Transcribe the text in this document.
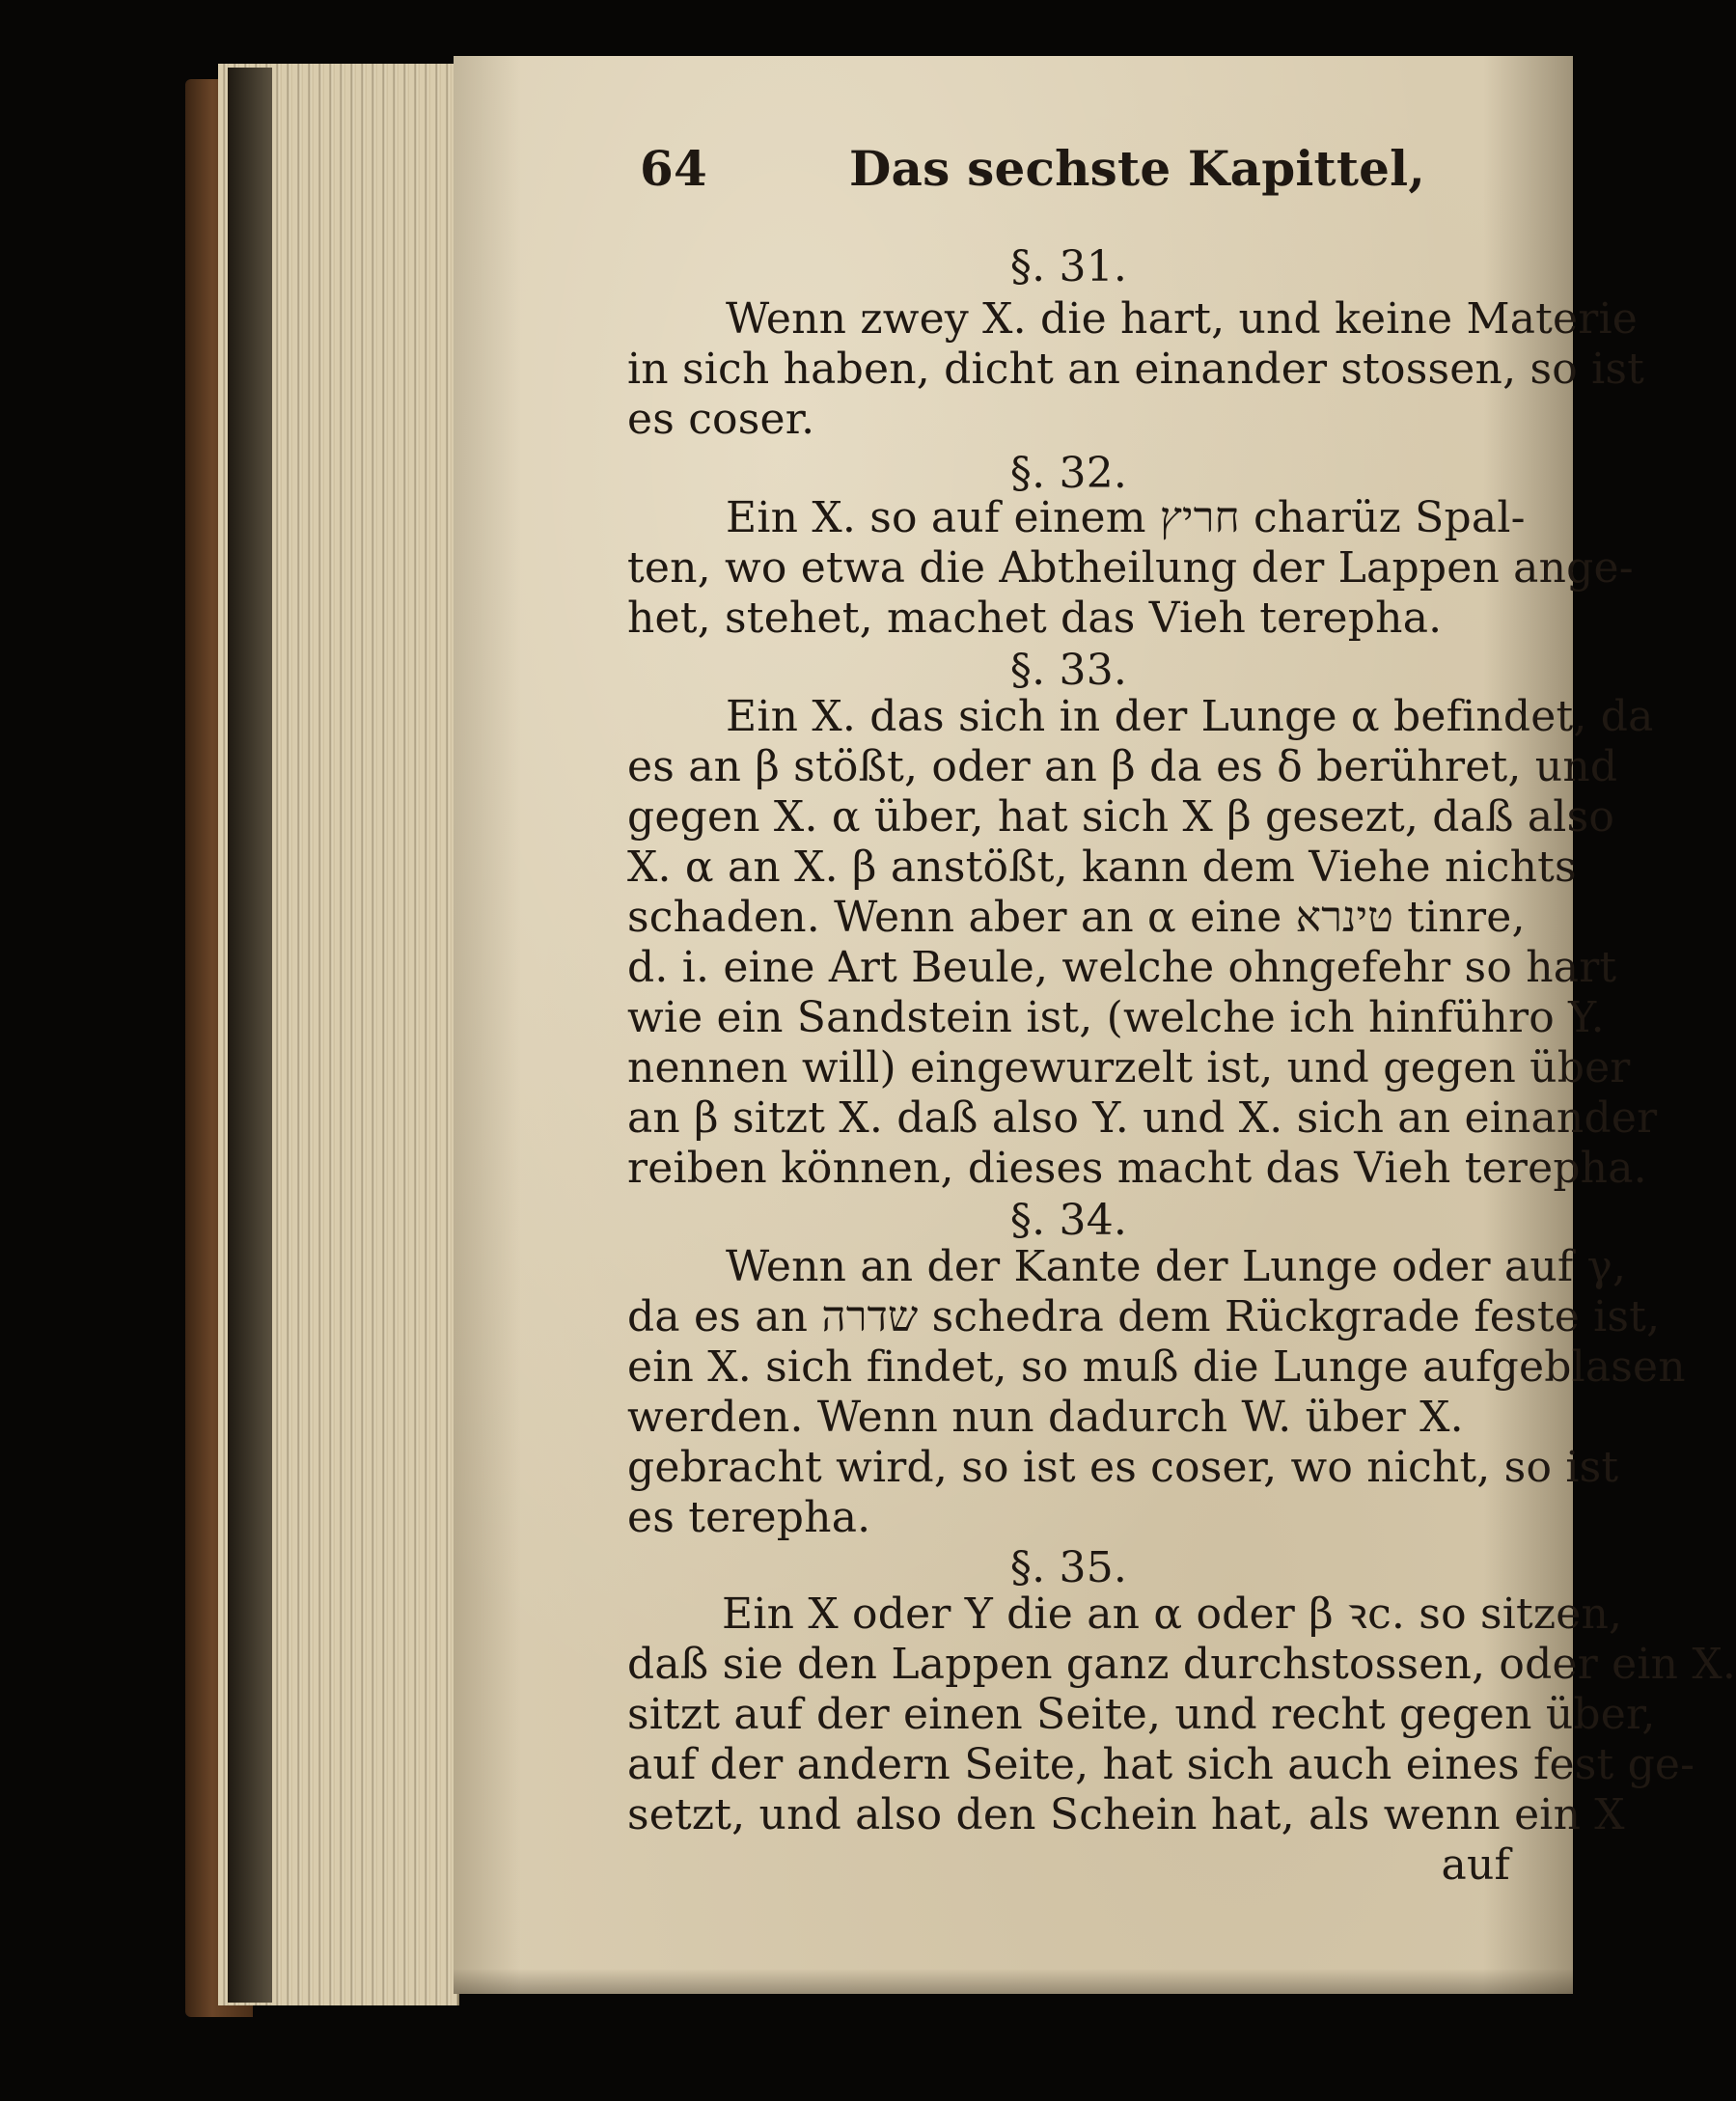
64	Das sechste Kapittel,
§. 31.
Wenn zwey X. die hart, und keine Materie
in sich haben, dicht an einander stossen, so ist
es coser.
§. 32.
Ein X. so auf einem חריץ charüz Spal-
ten, wo etwa die Abtheilung der Lappen ange-
het, stehet, machet das Vieh terepha.
§. 33.
Ein X. das sich in der Lunge α befindet, da
es an β stößt, oder an β da es δ berühret, und
gegen X. α über, hat sich X β gesezt, daß also
X. α an X. β anstößt, kann dem Viehe nichts
schaden. Wenn aber an α eine טינרא tinre,
d. i. eine Art Beule, welche ohngefehr so hart
wie ein Sandstein ist, (welche ich hinführo Y.
nennen will) eingewurzelt ist, und gegen über
an β sitzt X. daß also Y. und X. sich an einander
reiben können, dieses macht das Vieh terepha.
§. 34.
Wenn an der Kante der Lunge oder auf γ,
da es an שדרה schedra dem Rückgrade feste ist,
ein X. sich findet, so muß die Lunge aufgeblasen
werden. Wenn nun dadurch W. über X.
gebracht wird, so ist es coser, wo nicht, so ist
es terepha.
§. 35.
Ein X oder Y die an α oder β ꝛc. so sitzen,
daß sie den Lappen ganz durchstossen, oder ein X.
sitzt auf der einen Seite, und recht gegen über,
auf der andern Seite, hat sich auch eines fest ge-
setzt, und also den Schein hat, als wenn ein X
auf
